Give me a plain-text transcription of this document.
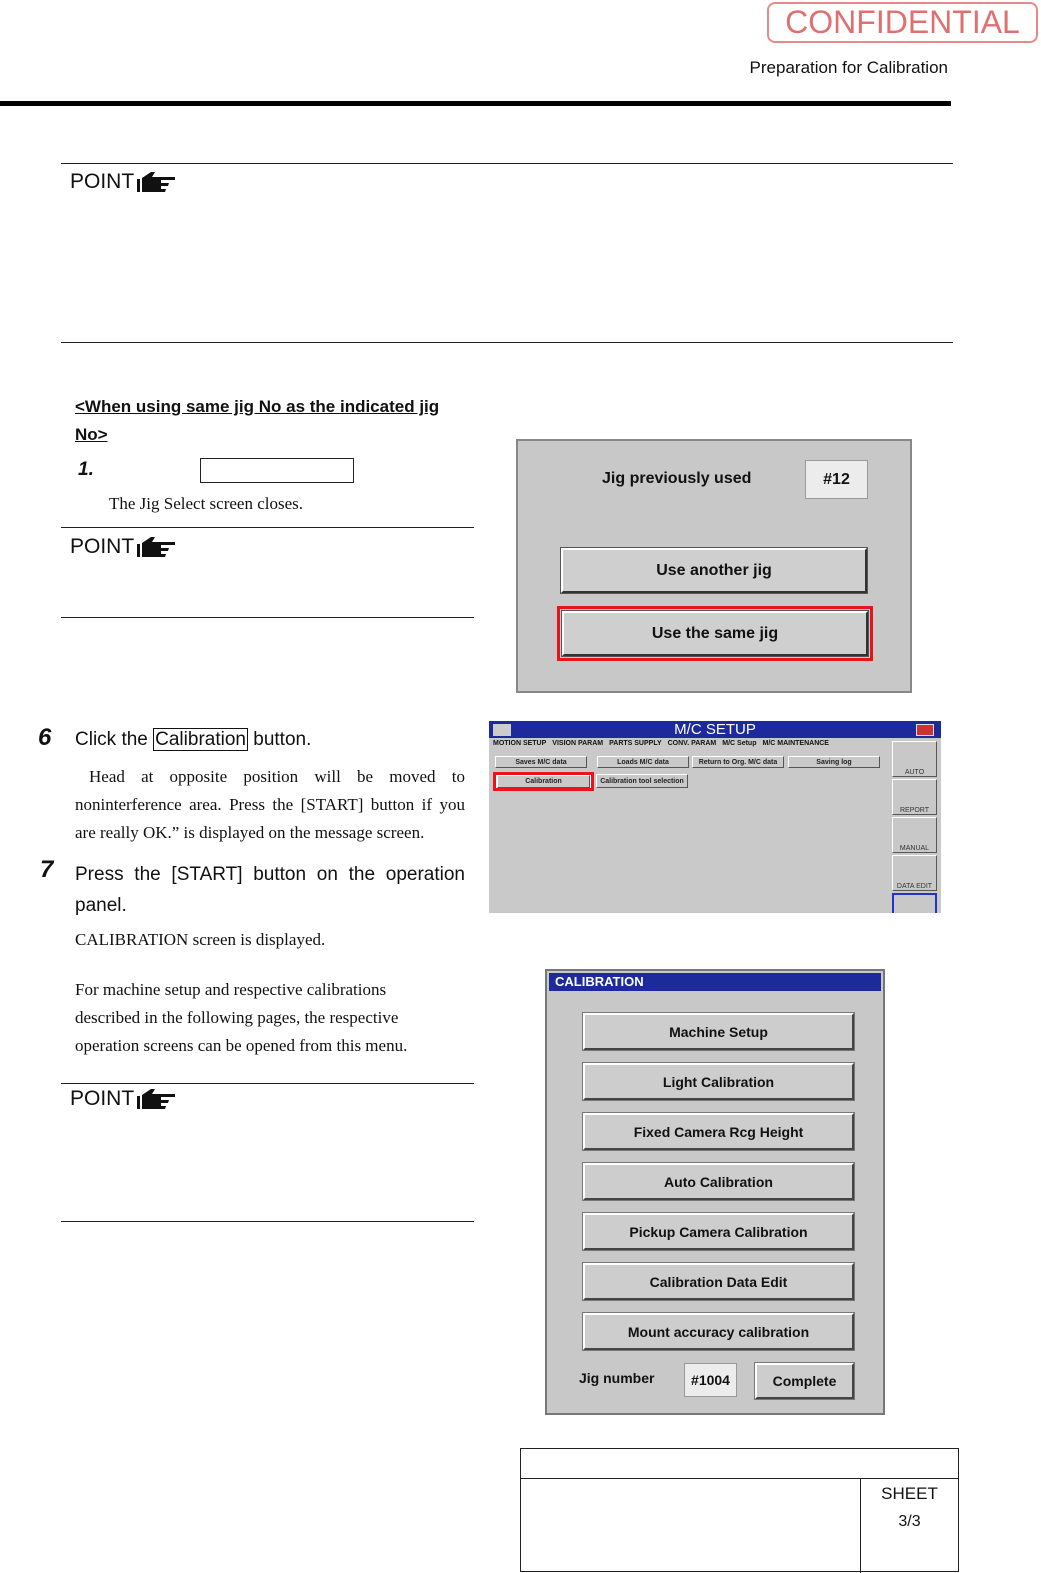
CONFIDENTIAL
Preparation for Calibration
POINT
<When using same jig No as the indicated jig
No>
1.
The Jig Select screen closes.
POINT
Jig previously used	#12
Use another jig
Use the same jig
6 Click the Calibration button.
Head at opposite position will be moved to noninterference area. Press the [START] button if you are really OK.” is displayed on the message screen.
7 Press the [START] button on the operation panel.
CALIBRATION screen is displayed.
For machine setup and respective calibrations described in the following pages, the respective operation screens can be opened from this menu.
POINT
M/C SETUP
MOTION SETUP VISION PARAM PARTS SUPPLY CONV. PARAM M/C Setup M/C MAINTENANCE
Saves M/C data	Loads M/C data	Return to Org. M/C data	Saving log
Calibration	Calibration tool selection
AUTO
REPORT
MANUAL
DATA EDIT
CALIBRATION
Machine Setup
Light Calibration
Fixed Camera Rcg Height
Auto Calibration
Pickup Camera Calibration
Calibration Data Edit
Mount accuracy calibration
Jig number	#1004	Complete
SHEET
3/3
